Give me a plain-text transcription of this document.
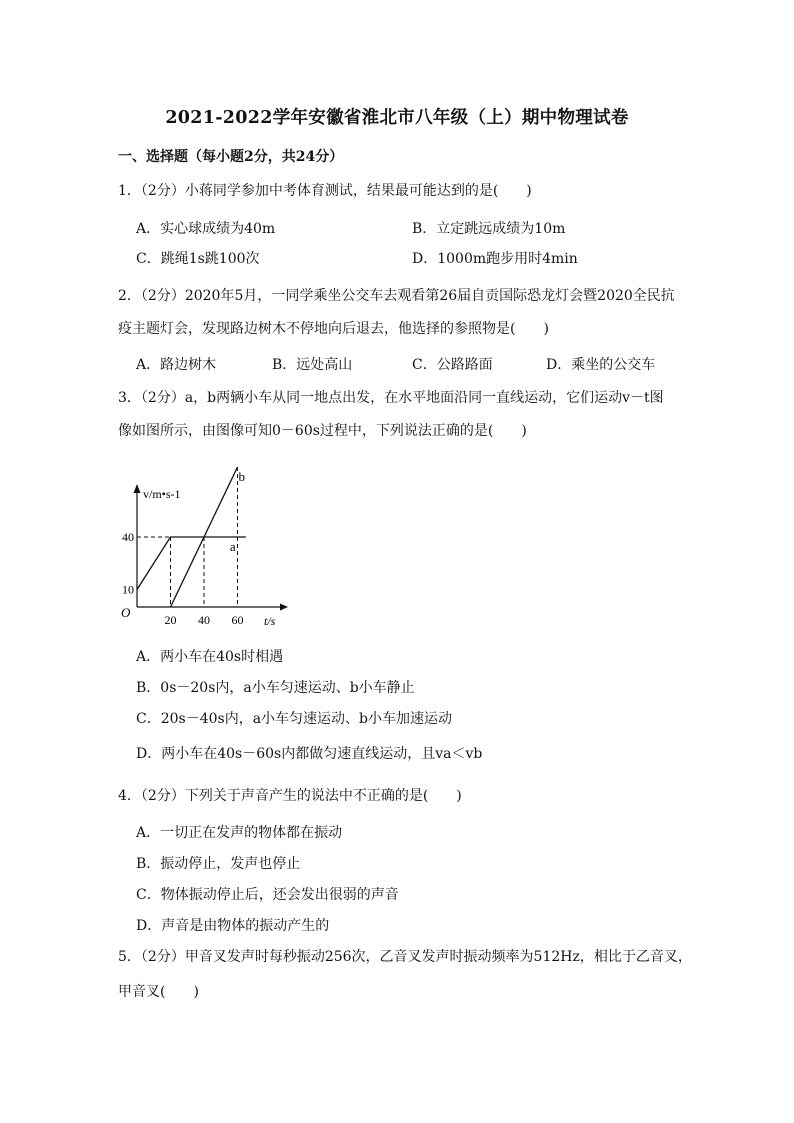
2021-2022学年安徽省淮北市八年级（上）期中物理试卷
一、选择题（每小题2分，共24分）
1．（2分）小蒋同学参加中考体育测试，结果最可能达到的是(　　)
A．实心球成绩为40m	B．立定跳远成绩为10m
C．跳绳1s跳100次	D．1000m跑步用时4min
2．（2分）2020年5月，一同学乘坐公交车去观看第26届自贡国际恐龙灯会暨2020全民抗
疫主题灯会，发现路边树木不停地向后退去，他选择的参照物是(　　)
A．路边树木	B．远处高山	C．公路路面	D．乘坐的公交车
3．（2分）a，b两辆小车从同一地点出发，在水平地面沿同一直线运动，它们运动v－t图
像如图所示，由图像可知0－60s过程中，下列说法正确的是(　　)
v/m•s-1
t/s
O
a
b
20 40 60
10
40
A．两小车在40s时相遇
B．0s－20s内，a小车匀速运动、b小车静止
C．20s－40s内，a小车匀速运动、b小车加速运动
D．两小车在40s－60s内都做匀速直线运动，且va＜vb
4．（2分）下列关于声音产生的说法中不正确的是(　　)
A．一切正在发声的物体都在振动
B．振动停止，发声也停止
C．物体振动停止后，还会发出很弱的声音
D．声音是由物体的振动产生的
5．（2分）甲音叉发声时每秒振动256次，乙音叉发声时振动频率为512Hz，相比于乙音叉，
甲音叉(　　)
